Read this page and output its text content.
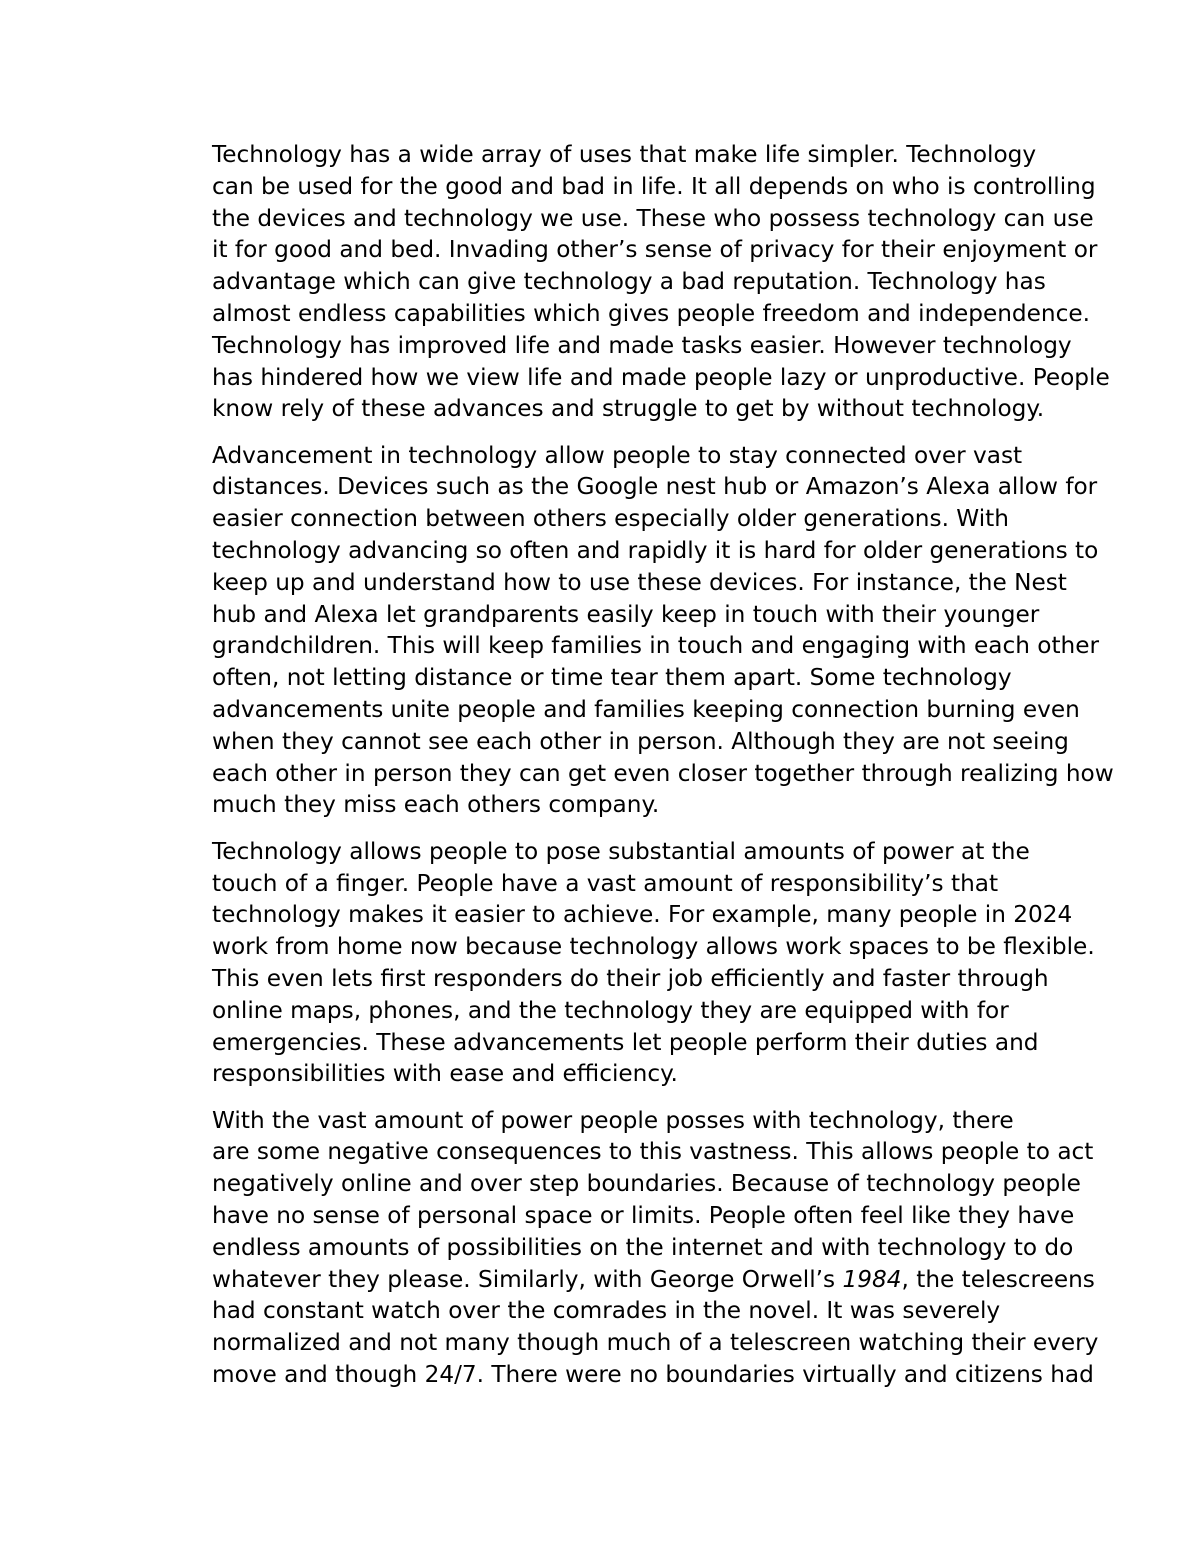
Technology has a wide array of uses that make life simpler. Technology
can be used for the good and bad in life. It all depends on who is controlling
the devices and technology we use. These who possess technology can use
it for good and bed. Invading other’s sense of privacy for their enjoyment or
advantage which can give technology a bad reputation. Technology has
almost endless capabilities which gives people freedom and independence.
Technology has improved life and made tasks easier. However technology
has hindered how we view life and made people lazy or unproductive. People
know rely of these advances and struggle to get by without technology.

Advancement in technology allow people to stay connected over vast
distances. Devices such as the Google nest hub or Amazon’s Alexa allow for
easier connection between others especially older generations. With
technology advancing so often and rapidly it is hard for older generations to
keep up and understand how to use these devices. For instance, the Nest
hub and Alexa let grandparents easily keep in touch with their younger
grandchildren. This will keep families in touch and engaging with each other
often, not letting distance or time tear them apart. Some technology
advancements unite people and families keeping connection burning even
when they cannot see each other in person. Although they are not seeing
each other in person they can get even closer together through realizing how
much they miss each others company.

Technology allows people to pose substantial amounts of power at the
touch of a finger. People have a vast amount of responsibility’s that
technology makes it easier to achieve. For example, many people in 2024
work from home now because technology allows work spaces to be flexible.
This even lets first responders do their job efficiently and faster through
online maps, phones, and the technology they are equipped with for
emergencies. These advancements let people perform their duties and
responsibilities with ease and efficiency.

With the vast amount of power people posses with technology, there
are some negative consequences to this vastness. This allows people to act
negatively online and over step boundaries. Because of technology people
have no sense of personal space or limits. People often feel like they have
endless amounts of possibilities on the internet and with technology to do
whatever they please. Similarly, with George Orwell’s 1984, the telescreens
had constant watch over the comrades in the novel. It was severely
normalized and not many though much of a telescreen watching their every
move and though 24/7. There were no boundaries virtually and citizens had
